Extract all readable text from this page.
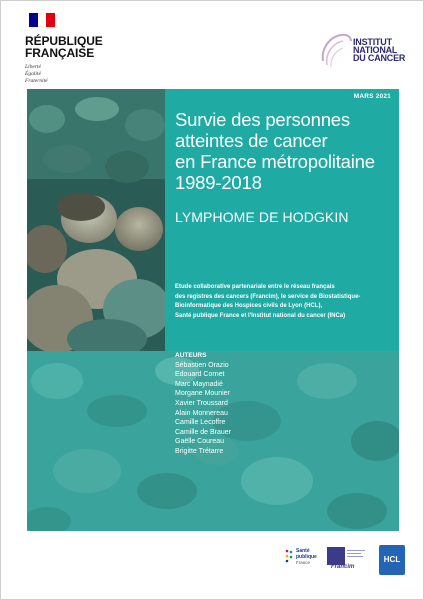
RÉPUBLIQUE
FRANÇAISE
Liberté
Égalité
Fraternité
INSTITUT
NATIONAL
DU CANCER
MARS 2021
Survie des personnes
atteintes de cancer
en France métropolitaine
1989-2018
LYMPHOME DE HODGKIN
Etude collaborative partenariale entre le réseau français
des registres des cancers (Francim), le service de Biostatistique-
Bioinformatique des Hospices civils de Lyon (HCL),
Santé publique France et l'Institut national du cancer (INCa)
AUTEURS
Sébastien Orazio
Edouard Cornet
Marc Maynadié
Morgane Mounier
Xavier Troussard
Alain Monnereau
Camille Lecoffre
Camille de Brauer
Gaëlle Coureau
Brigitte Trétarre
Santé
publique
France
Francim
HCL
